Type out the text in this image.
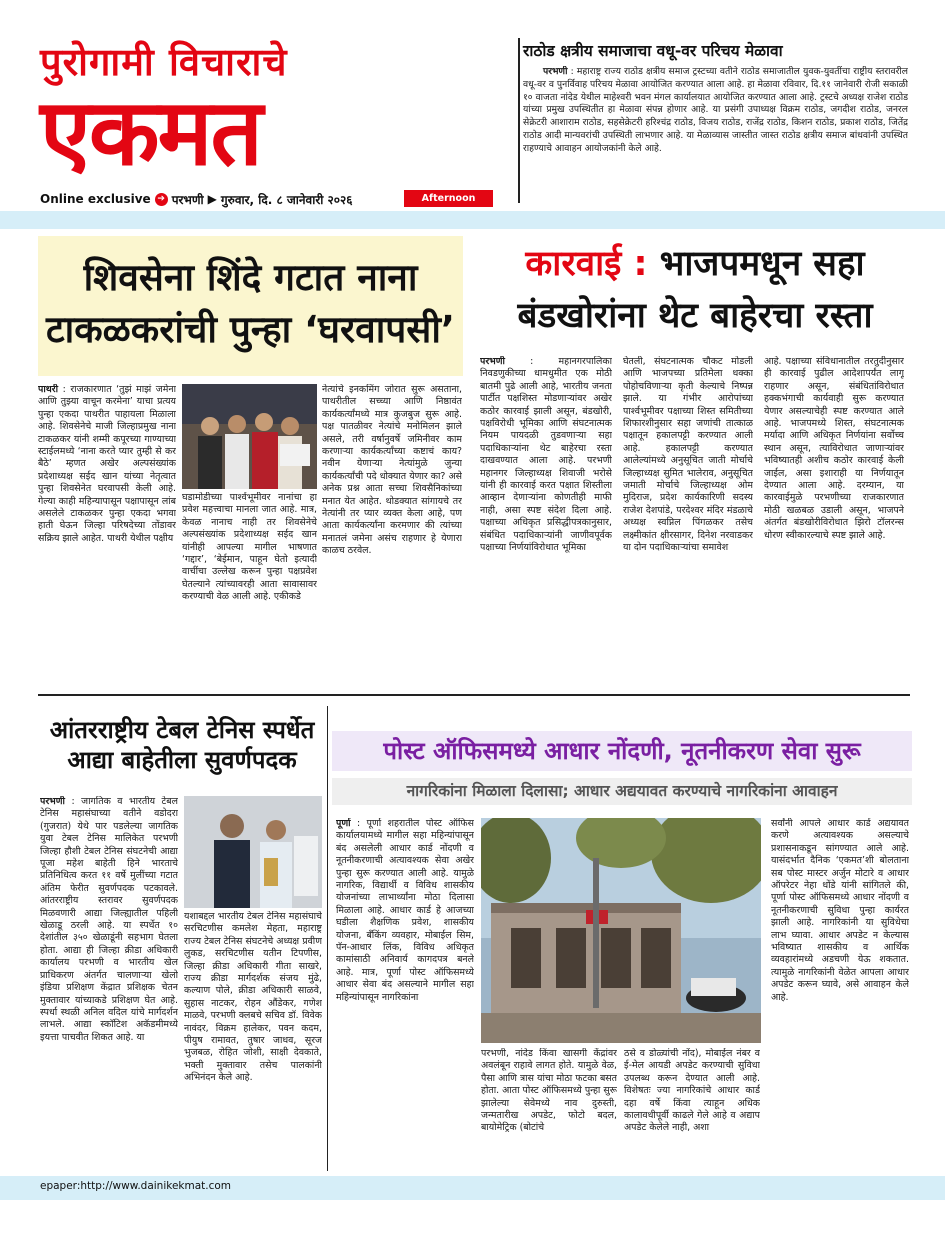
पुरोगामी विचाराचे
एकमत
Online exclusive ➔ परभणी ▶ गुरुवार, दि. ८ जानेवारी २०२६	Afternoon
राठोड क्षत्रीय समाजाचा वधू-वर परिचय मेळावा
परभणी : महाराष्ट्र राज्य राठोड क्षत्रीय समाज ट्रस्टच्या वतीने राठोड समाजातील युवक-युवतींचा राष्ट्रीय स्तरावरील वधू-वर व पुनर्विवाह परिचय मेळावा आयोजित करण्यात आला आहे. हा मेळावा रविवार, दि.११ जानेवारी रोजी सकाळी १० वाजता नांदेड येथील माहेश्वरी भवन मंगल कार्यालयात आयोजित करण्यात आला आहे. ट्रस्टचे अध्यक्ष राजेश राठोड यांच्या प्रमुख उपस्थितीत हा मेळावा संपन्न होणार आहे. या प्रसंगी उपाध्यक्ष विक्रम राठोड, जगदीश राठोड, जनरल सेक्रेटरी आशाराम राठोड, सहसेक्रेटरी हरिश्चंद्र राठोड, विजय राठोड, राजेंद्र राठोड, किशन राठोड, प्रकाश राठोड, जितेंद्र राठोड आदी मान्यवरांची उपस्थिती लाभणार आहे. या मेळाव्यास जास्तीत जास्त राठोड क्षत्रीय समाज बांधवांनी उपस्थित राहण्याचे आवाहन आयोजकांनी केले आहे.
शिवसेना शिंदे गटात नाना
टाकळकरांची पुन्हा ‘घरवापसी’
पाथरी : राजकारणात ‘तुझं माझं जमेना आणि तुझ्या वाचून करमेना’ याचा प्रत्यय पुन्हा एकदा पाथरीत पाहायला मिळाला आहे. शिवसेनेचे माजी जिल्हाप्रमुख नाना टाकळकर यांनी शम्मी कपूरच्या गाण्याच्या स्टाईलमध्ये ‘नाना करते प्यार तुम्ही से कर बैठे’ म्हणत अखेर अल्पसंख्यांक प्रदेशाध्यक्ष सईद खान यांच्या नेतृत्वात पुन्हा शिवसेनेत घरवापसी केली आहे. गेल्या काही महिन्यापासून पक्षापासून लांब असलेले टाकळकर पुन्हा एकदा भगवा हाती घेऊन जिल्हा परिषदेच्या तोंडावर सक्रिय झाले आहेत. पाथरी येथील पक्षीय
घडामोडीच्या पार्श्वभूमीवर नानांचा हा प्रवेश महत्त्वाचा मानला जात आहे. मात्र, केवळ नानाच नाही तर शिवसेनेचे अल्पसंख्यांक प्रदेशाध्यक्ष सईद खान यांनीही आपल्या मागील भाषणात ‘गद्दार’, ‘बेईमान, पाहून घेतो इत्यादी वाचींचा उल्लेख करून पुन्हा पक्षप्रवेश घेतल्याने त्यांच्यावरही आता सावासावर करण्याची वेळ आली आहे. एकीकडे
नेत्यांचे इनकमिंग जोरात सुरू असताना, पाथरीतील सच्च्या आणि निष्ठावंत कार्यकर्त्यांमध्ये मात्र कुजबुज सुरू आहे. पक्ष पातळीवर नेत्यांचे मनोमिलन झाले असले, तरी वर्षानुवर्षे जमिनीवर काम करणाऱ्या कार्यकर्त्यांच्या कष्टाचं काय? नवीन येणाऱ्या नेत्यांमुळे जुन्या कार्यकर्त्यांची पदे धोक्यात येणार का? असे अनेक प्रश्न आता सच्चा शिवसैनिकांच्या मनात येत आहेत. थोडक्यात सांगायचे तर नेत्यांनी तर प्यार व्यक्त केला आहे, पण आता कार्यकर्त्यांना करमणार की त्यांच्या मनातलं जमेना असंच राहणार हे येणारा काळच ठरवेल.
कारवाई : भाजपमधून सहा
बंडखोरांना थेट बाहेरचा रस्ता
परभणी	: महानगरपालिका निवडणुकीच्या धामधुमीत एक मोठी बातमी पुढे आली आहे, भारतीय जनता पार्टीत पक्षशिस्त मोडणाऱ्यांवर अखेर कठोर कारवाई झाली असून, बंडखोरी, पक्षविरोधी भूमिका आणि संघटनात्मक नियम पायदळी तुडवणाऱ्या सहा पदाधिकाऱ्यांना थेट बाहेरचा रस्ता दाखवण्यात आला आहे. परभणी महानगर जिल्हाध्यक्ष शिवाजी भरोसे यांनी ही कारवाई करत पक्षात शिस्तीला आव्हान देणाऱ्यांना कोणतीही माफी नाही, असा स्पष्ट संदेश दिला आहे. पक्षाच्या अधिकृत प्रसिद्धीपत्रकानुसार, संबंधित पदाधिकाऱ्यांनी जाणीवपूर्वक पक्षाच्या निर्णयांविरोधात भूमिका
घेतली, संघटनात्मक चौकट मोडली आणि भाजपच्या प्रतिमेला धक्का पोहोचविणाऱ्या कृती केल्याचे निष्पन्न झाले. या गंभीर आरोपांच्या पार्श्वभूमीवर पक्षाच्या शिस्त समितीच्या शिफारशीनुसार सहा जणांची तात्काळ पक्षातून हकालपट्टी करण्यात आली आहे. हकालपट्टी करण्यात आलेल्यांमध्ये अनुसूचित जाती मोर्चाचे जिल्हाध्यक्ष सुमित भालेराव, अनुसूचित जमाती मोर्चाचे जिल्हाध्यक्ष ओम मुदिराज, प्रदेश कार्यकारिणी सदस्य राजेश देशपांडे, परदेश्वर मंदिर मंडळाचे अध्यक्ष स्वप्निल पिंगळकर तसेच लक्ष्मीकांत क्षीरसागर, दिनेश नरवाडकर या दोन पदाधिकाऱ्यांचा समावेश
आहे. पक्षाच्या संविधानातील तरतुदीनुसार ही कारवाई पुढील आदेशापर्यंत लागू राहणार असून, संबंधितांविरोधात हक्कभंगाची कार्यवाही सुरू करण्यात येणार असल्याचेही स्पष्ट करण्यात आले आहे. भाजपमध्ये शिस्त, संघटनात्मक मर्यादा आणि अधिकृत निर्णयांना सर्वोच्च स्थान असून, त्याविरोधात जाणाऱ्यांवर भविष्यातही अशीच कठोर कारवाई केली जाईल, असा इशाराही या निर्णयातून देण्यात आला आहे. दरम्यान, या कारवाईमुळे परभणीच्या राजकारणात मोठी खळबळ उडाली असून, भाजपने अंतर्गत बंडखोरीविरोधात झिरो टॉलरन्स धोरण स्वीकारल्याचे स्पष्ट झाले आहे.
आंतरराष्ट्रीय टेबल टेनिस स्पर्धेत
आद्या बाहेतीला सुवर्णपदक
परभणी : जागतिक व भारतीय टेबल टेनिस महासंघाच्या वतीने वडोदरा (गुजरात) येथे पार पडलेल्या जागतिक युवा टेबल टेनिस मालिकेत परभणी जिल्हा हौशी टेबल टेनिस संघटनेची आद्या पूजा महेश बाहेती हिने भारताचे प्रतिनिधित्व करत ११ वर्षे मुलींच्या गटात अंतिम फेरीत सुवर्णपदक पटकावले. आंतरराष्ट्रीय स्तरावर सुवर्णपदक मिळवणारी आद्या जिल्ह्यातील पहिली खेळाडू ठरली आहे. या स्पर्धेत १० देशांतील ३५० खेळाडूंनी सहभाग घेतला होता. आद्या ही जिल्हा क्रीडा अधिकारी कार्यालय परभणी व भारतीय खेल प्राधिकरण अंतर्गत चालणाऱ्या खेलो इंडिया प्रशिक्षण केंद्रात प्रशिक्षक चेतन मुक्तावार यांच्याकडे प्रशिक्षण घेत आहे. स्पर्धा स्थळी अनिल वदिल यांचे मार्गदर्शन लाभले. आद्या स्कॉटिश अकॅडमीमध्ये इयत्ता पाचवीत शिकत आहे. या
यशाबद्दल भारतीय टेबल टेनिस महासंघाचे सरचिटणीस कमलेश मेहता, महाराष्ट्र राज्य टेबल टेनिस संघटनेचे अध्यक्ष प्रवीण लुकड, सरचिटणीस यतीन टिपणीस, जिल्हा क्रीडा अधिकारी गीता साखरे, राज्य क्रीडा मार्गदर्शक संजय मुंढे, कल्याण पोले, क्रीडा अधिकारी साळवे, सुहास नाटकर, रोहन औंडेकर, गणेश माळवे, परभणी क्लबचे सचिव डॉ. विवेक नावंदर, विक्रम हालेकर, पवन कदम, पीयुष रामावत, तुषार जाधव, सूरज भुजबळ, रोहित जोशी, साक्षी देवकाते, भक्ती मुक्तावार तसेच पालकांनी अभिनंदन केले आहे.
पोस्ट ऑफिसमध्ये आधार नोंदणी, नूतनीकरण सेवा सुरू
नागरिकांना मिळाला दिलासा; आधार अद्ययावत करण्याचे नागरिकांना आवाहन
पूर्णा : पूर्णा शहरातील पोस्ट ऑफिस कार्यालयामध्ये मागील सहा महिन्यांपासून बंद असलेली आधार कार्ड नोंदणी व नूतनीकरणाची अत्यावश्यक सेवा अखेर पुन्हा सुरू करण्यात आली आहे. यामुळे नागरिक, विद्यार्थी व विविध शासकीय योजनांच्या लाभार्थ्यांना मोठा दिलासा मिळाला आहे. आधार कार्ड हे आजच्या घडीला शैक्षणिक प्रवेश, शासकीय योजना, बँकिंग व्यवहार, मोबाईल सिम, पॅन-आधार लिंक, विविध अधिकृत कामांसाठी अनिवार्य कागदपत्र बनले आहे. मात्र, पूर्णा पोस्ट ऑफिसमध्ये आधार सेवा बंद असल्याने मागील सहा महिन्यांपासून नागरिकांना
परभणी, नांदेड किंवा खासगी केंद्रांवर अवलंबून राहावे लागत होते. यामुळे वेळ, पैसा आणि त्रास यांचा मोठा फटका बसत होता. आता पोस्ट ऑफिसमध्ये पुन्हा सुरू झालेल्या सेवेमध्ये नाव दुरुस्ती, जन्मतारीख अपडेट, फोटो बदल, बायोमेट्रिक (बोटांचे
ठसे व डोळ्यांची नोंद), मोबाईल नंबर व ई-मेल आयडी अपडेट करण्याची सुविधा उपलब्ध करून देण्यात आली आहे. विशेषतः ज्या नागरिकांचे आधार कार्ड दहा वर्षे किंवा त्याहून अधिक कालावधीपूर्वी काढले गेले आहे व अद्याप अपडेट केलेले नाही, अशा
सर्वांनी आपले आधार कार्ड अद्ययावत करणे अत्यावश्यक असल्याचे प्रशासनाकडून सांगण्यात आले आहे. यासंदर्भात दैनिक ‘एकमत’शी बोलताना सब पोस्ट मास्टर अर्जुन मोटारे व आधार ऑपरेटर नेहा धोंडे यांनी सांगितले की, पूर्णा पोस्ट ऑफिसमध्ये आधार नोंदणी व नूतनीकरणाची सुविधा पुन्हा कार्यरत झाली आहे. नागरिकांनी या सुविधेचा लाभ घ्यावा. आधार अपडेट न केल्यास भविष्यात शासकीय व आर्थिक व्यवहारांमध्ये अडचणी येऊ शकतात. त्यामुळे नागरिकांनी वेळेत आपला आधार अपडेट करून घ्यावे, असे आवाहन केले आहे.
epaper:http://www.dainikekmat.com
